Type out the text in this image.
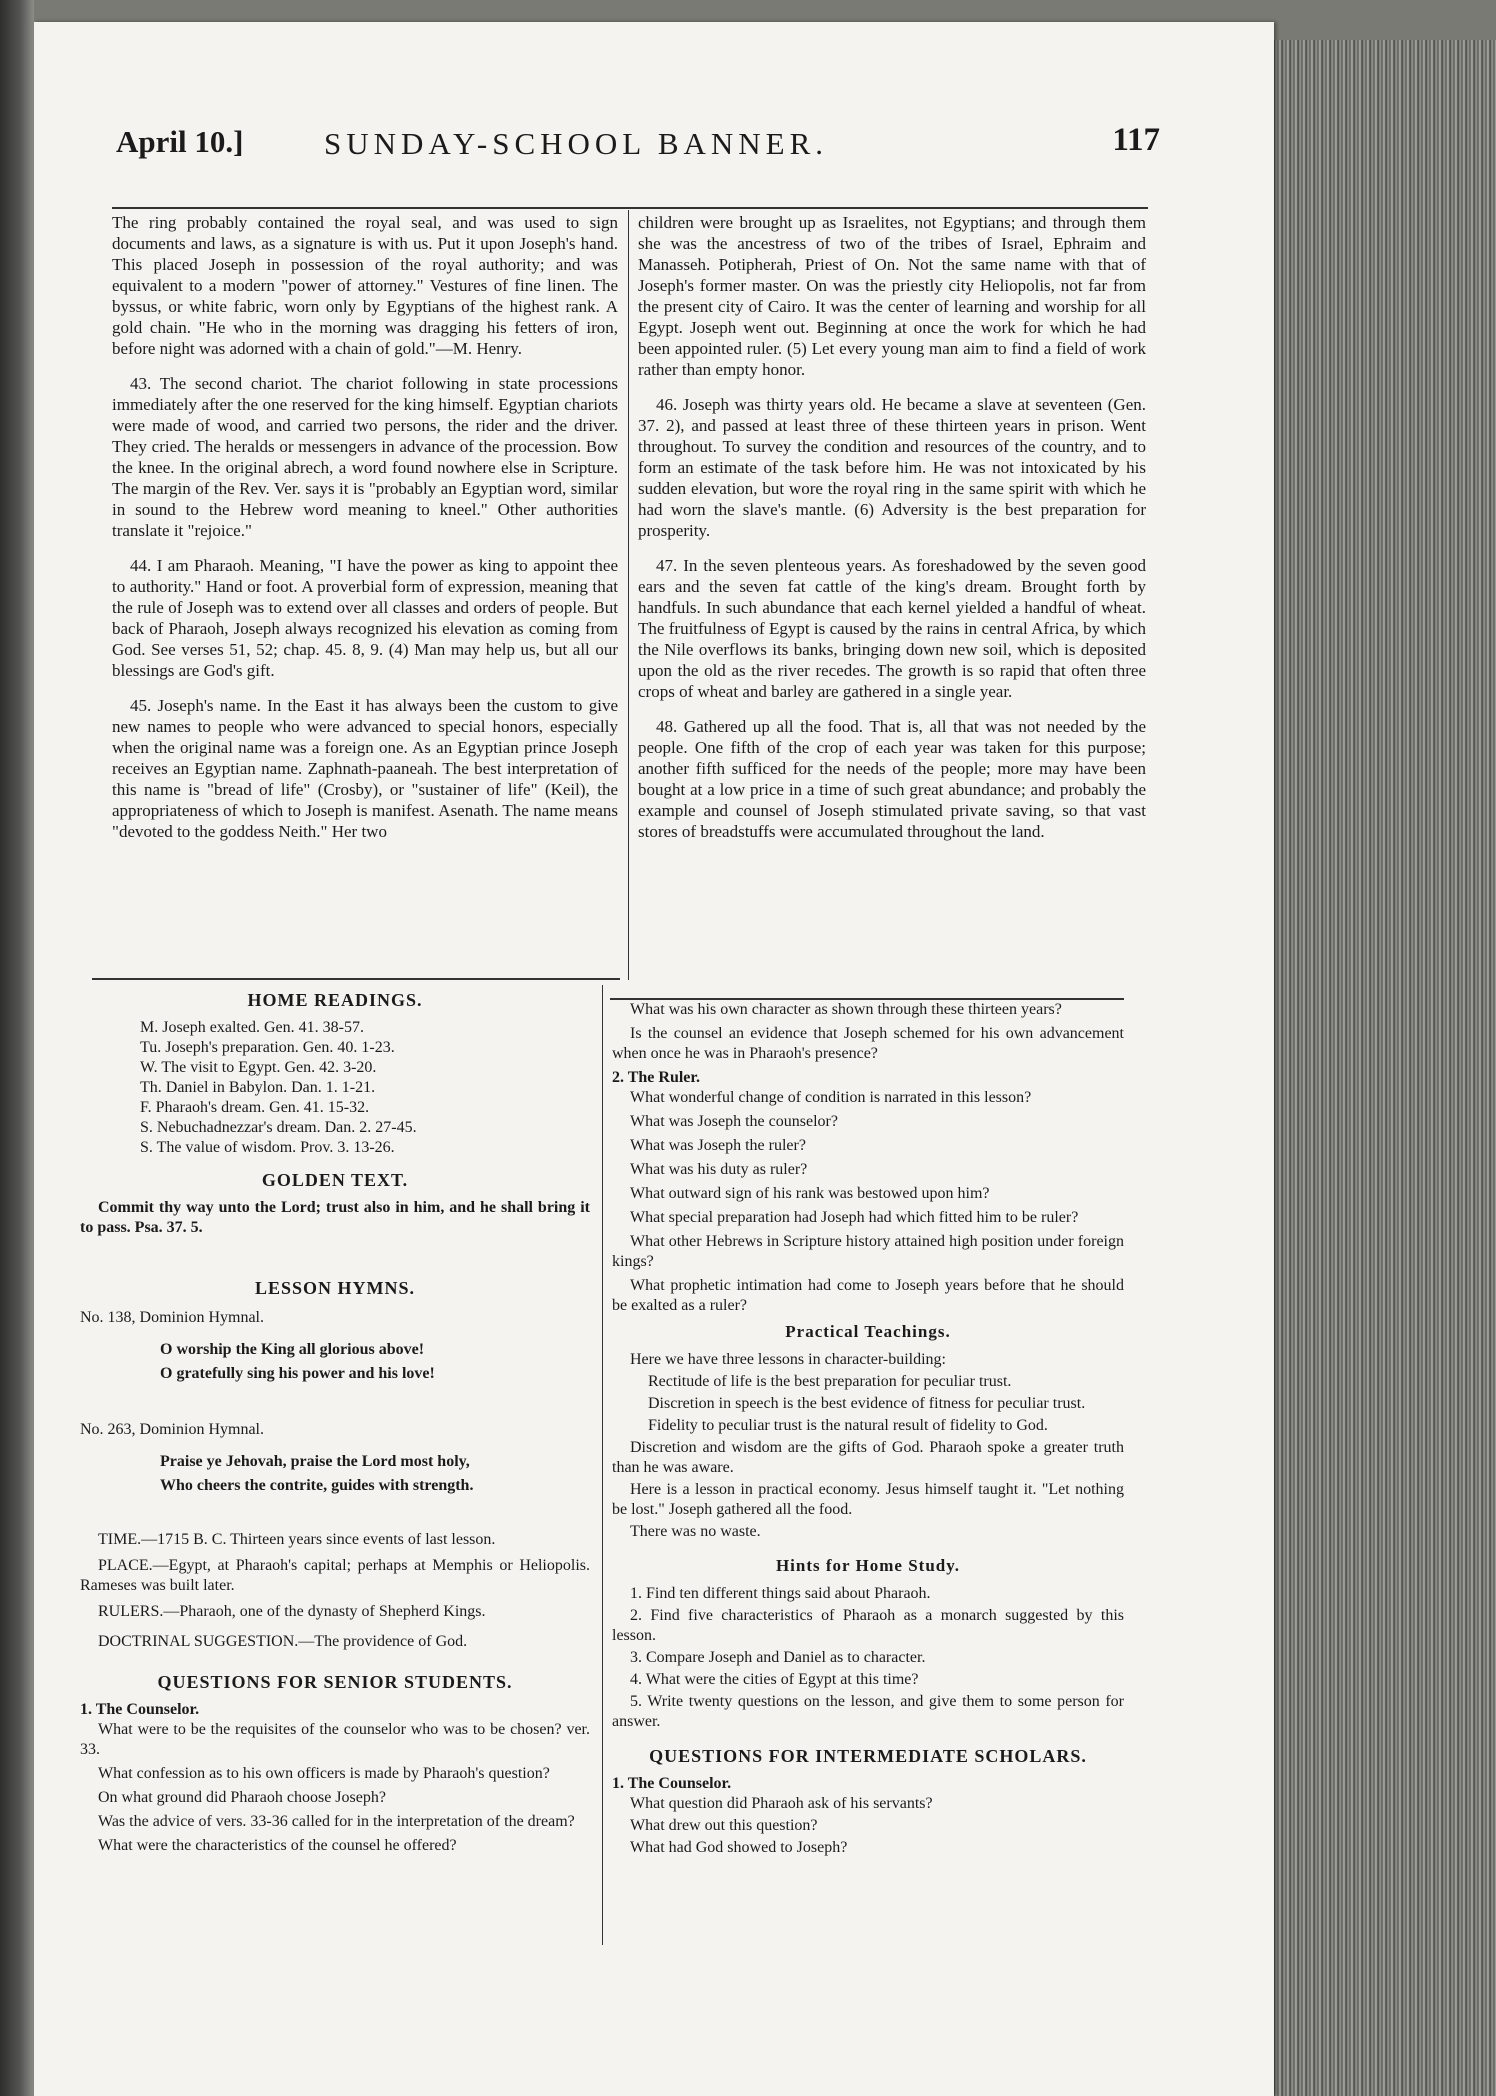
April 10.]	SUNDAY-SCHOOL BANNER.	117

The ring probably contained the royal seal, and was used to sign documents and laws, as a signature is with us. Put it upon Joseph's hand. This placed Joseph in possession of the royal authority; and was equivalent to a modern "power of attorney." Vestures of fine linen. The byssus, or white fabric, worn only by Egyptians of the highest rank. A gold chain. "He who in the morning was dragging his fetters of iron, before night was adorned with a chain of gold."—M. Henry.

43. The second chariot. The chariot following in state processions immediately after the one reserved for the king himself. Egyptian chariots were made of wood, and carried two persons, the rider and the driver. They cried. The heralds or messengers in advance of the procession. Bow the knee. In the original abrech, a word found nowhere else in Scripture. The margin of the Rev. Ver. says it is "probably an Egyptian word, similar in sound to the Hebrew word meaning to kneel." Other authorities translate it "rejoice."

44. I am Pharaoh. Meaning, "I have the power as king to appoint thee to authority." Hand or foot. A proverbial form of expression, meaning that the rule of Joseph was to extend over all classes and orders of people. But back of Pharaoh, Joseph always recognized his elevation as coming from God. See verses 51, 52; chap. 45. 8, 9. (4) Man may help us, but all our blessings are God's gift.

45. Joseph's name. In the East it has always been the custom to give new names to people who were advanced to special honors, especially when the original name was a foreign one. As an Egyptian prince Joseph receives an Egyptian name. Zaphnath-paaneah. The best interpretation of this name is "bread of life" (Crosby), or "sustainer of life" (Keil), the appropriateness of which to Joseph is manifest. Asenath. The name means "devoted to the goddess Neith." Her two

children were brought up as Israelites, not Egyptians; and through them she was the ancestress of two of the tribes of Israel, Ephraim and Manasseh. Potipherah, Priest of On. Not the same name with that of Joseph's former master. On was the priestly city Heliopolis, not far from the present city of Cairo. It was the center of learning and worship for all Egypt. Joseph went out. Beginning at once the work for which he had been appointed ruler. (5) Let every young man aim to find a field of work rather than empty honor.

46. Joseph was thirty years old. He became a slave at seventeen (Gen. 37. 2), and passed at least three of these thirteen years in prison. Went throughout. To survey the condition and resources of the country, and to form an estimate of the task before him. He was not intoxicated by his sudden elevation, but wore the royal ring in the same spirit with which he had worn the slave's mantle. (6) Adversity is the best preparation for prosperity.

47. In the seven plenteous years. As foreshadowed by the seven good ears and the seven fat cattle of the king's dream. Brought forth by handfuls. In such abundance that each kernel yielded a handful of wheat. The fruitfulness of Egypt is caused by the rains in central Africa, by which the Nile overflows its banks, bringing down new soil, which is deposited upon the old as the river recedes. The growth is so rapid that often three crops of wheat and barley are gathered in a single year.

48. Gathered up all the food. That is, all that was not needed by the people. One fifth of the crop of each year was taken for this purpose; another fifth sufficed for the needs of the people; more may have been bought at a low price in a time of such great abundance; and probably the example and counsel of Joseph stimulated private saving, so that vast stores of breadstuffs were accumulated throughout the land.

HOME READINGS.
M. Joseph exalted. Gen. 41. 38-57.
Tu. Joseph's preparation. Gen. 40. 1-23.
W. The visit to Egypt. Gen. 42. 3-20.
Th. Daniel in Babylon. Dan. 1. 1-21.
F. Pharaoh's dream. Gen. 41. 15-32.
S. Nebuchadnezzar's dream. Dan. 2. 27-45.
S. The value of wisdom. Prov. 3. 13-26.
GOLDEN TEXT.
Commit thy way unto the Lord; trust also in him, and he shall bring it to pass. Psa. 37. 5.
LESSON HYMNS.
No. 138, Dominion Hymnal.
O worship the King all glorious above!
O gratefully sing his power and his love!
No. 263, Dominion Hymnal.
Praise ye Jehovah, praise the Lord most holy,
Who cheers the contrite, guides with strength.

TIME.—1715 B. C. Thirteen years since events of last lesson.

PLACE.—Egypt, at Pharaoh's capital; perhaps at Memphis or Heliopolis. Rameses was built later.

RULERS.—Pharaoh, one of the dynasty of Shepherd Kings.

DOCTRINAL SUGGESTION.—The providence of God.

QUESTIONS FOR SENIOR STUDENTS.
1. The Counselor.

What were to be the requisites of the counselor who was to be chosen? ver. 33.

What confession as to his own officers is made by Pharaoh's question?

On what ground did Pharaoh choose Joseph?

Was the advice of vers. 33-36 called for in the interpretation of the dream?

What were the characteristics of the counsel he offered?

What was his own character as shown through these thirteen years?

Is the counsel an evidence that Joseph schemed for his own advancement when once he was in Pharaoh's presence?

2. The Ruler.

What wonderful change of condition is narrated in this lesson?

What was Joseph the counselor?

What was Joseph the ruler?

What was his duty as ruler?

What outward sign of his rank was bestowed upon him?

What special preparation had Joseph had which fitted him to be ruler?

What other Hebrews in Scripture history attained high position under foreign kings?

What prophetic intimation had come to Joseph years before that he should be exalted as a ruler?

Practical Teachings.

Here we have three lessons in character-building:

Rectitude of life is the best preparation for peculiar trust.

Discretion in speech is the best evidence of fitness for peculiar trust.

Fidelity to peculiar trust is the natural result of fidelity to God.

Discretion and wisdom are the gifts of God. Pharaoh spoke a greater truth than he was aware.

Here is a lesson in practical economy. Jesus himself taught it. "Let nothing be lost." Joseph gathered all the food.

There was no waste.

Hints for Home Study.

1. Find ten different things said about Pharaoh.

2. Find five characteristics of Pharaoh as a monarch suggested by this lesson.

3. Compare Joseph and Daniel as to character.

4. What were the cities of Egypt at this time?

5. Write twenty questions on the lesson, and give them to some person for answer.

QUESTIONS FOR INTERMEDIATE SCHOLARS.
1. The Counselor.

What question did Pharaoh ask of his servants?

What drew out this question?

What had God showed to Joseph?
